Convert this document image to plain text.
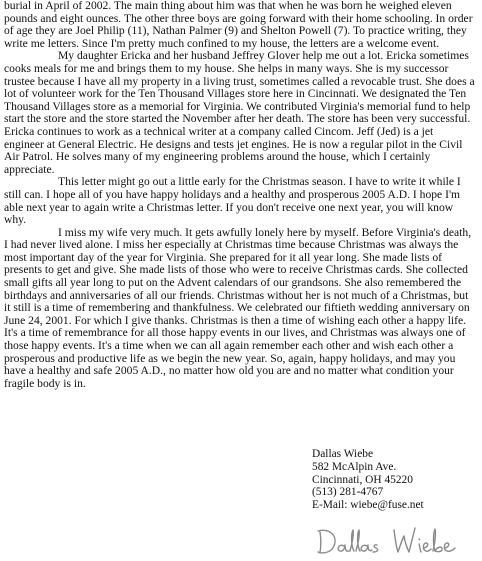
burial in April of 2002. The main thing about him was that when he was born he weighed eleven pounds and eight ounces. The other three boys are going forward with their home schooling. In order of age they are Joel Philip (11), Nathan Palmer (9) and Shelton Powell (7). To practice writing, they write me letters. Since I'm pretty much confined to my house, the letters are a welcome event.

My daughter Ericka and her husband Jeffrey Glover help me out a lot. Ericka sometimes cooks meals for me and brings them to my house. She helps in many ways. She is my successor trustee because I have all my property in a living trust, sometimes called a revocable trust. She does a lot of volunteer work for the Ten Thousand Villages store here in Cincinnati. We designated the Ten Thousand Villages store as a memorial for Virginia. We contributed Virginia's memorial fund to help start the store and the store started the November after her death. The store has been very successful. Ericka continues to work as a technical writer at a company called Cincom. Jeff (Jed) is a jet engineer at General Electric. He designs and tests jet engines. He is now a regular pilot in the Civil Air Patrol. He solves many of my engineering problems around the house, which I certainly appreciate.

This letter might go out a little early for the Christmas season. I have to write it while I still can. I hope all of you have happy holidays and a healthy and prosperous 2005 A.D. I hope I'm able next year to again write a Christmas letter. If you don't receive one next year, you will know why.

I miss my wife very much. It gets awfully lonely here by myself. Before Virginia's death, I had never lived alone. I miss her especially at Christmas time because Christmas was always the most important day of the year for Virginia. She prepared for it all year long. She made lists of presents to get and give. She made lists of those who were to receive Christmas cards. She collected small gifts all year long to put on the Advent calendars of our grandsons. She also remembered the birthdays and anniversaries of all our friends. Christmas without her is not much of a Christmas, but it still is a time of remembering and thankfulness. We celebrated our fiftieth wedding anniversary on June 24, 2001. For which I give thanks. Christmas is then a time of wishing each other a happy life. It's a time of remembrance for all those happy events in our lives, and Christmas was always one of those happy events. It's a time when we can all again remember each other and wish each other a prosperous and productive life as we begin the new year. So, again, happy holidays, and may you have a healthy and safe 2005 A.D., no matter how old you are and no matter what condition your fragile body is in.

Dallas Wiebe
582 McAlpin Ave.
Cincinnati, OH 45220
(513) 281-4767
E-Mail: wiebe@fuse.net
